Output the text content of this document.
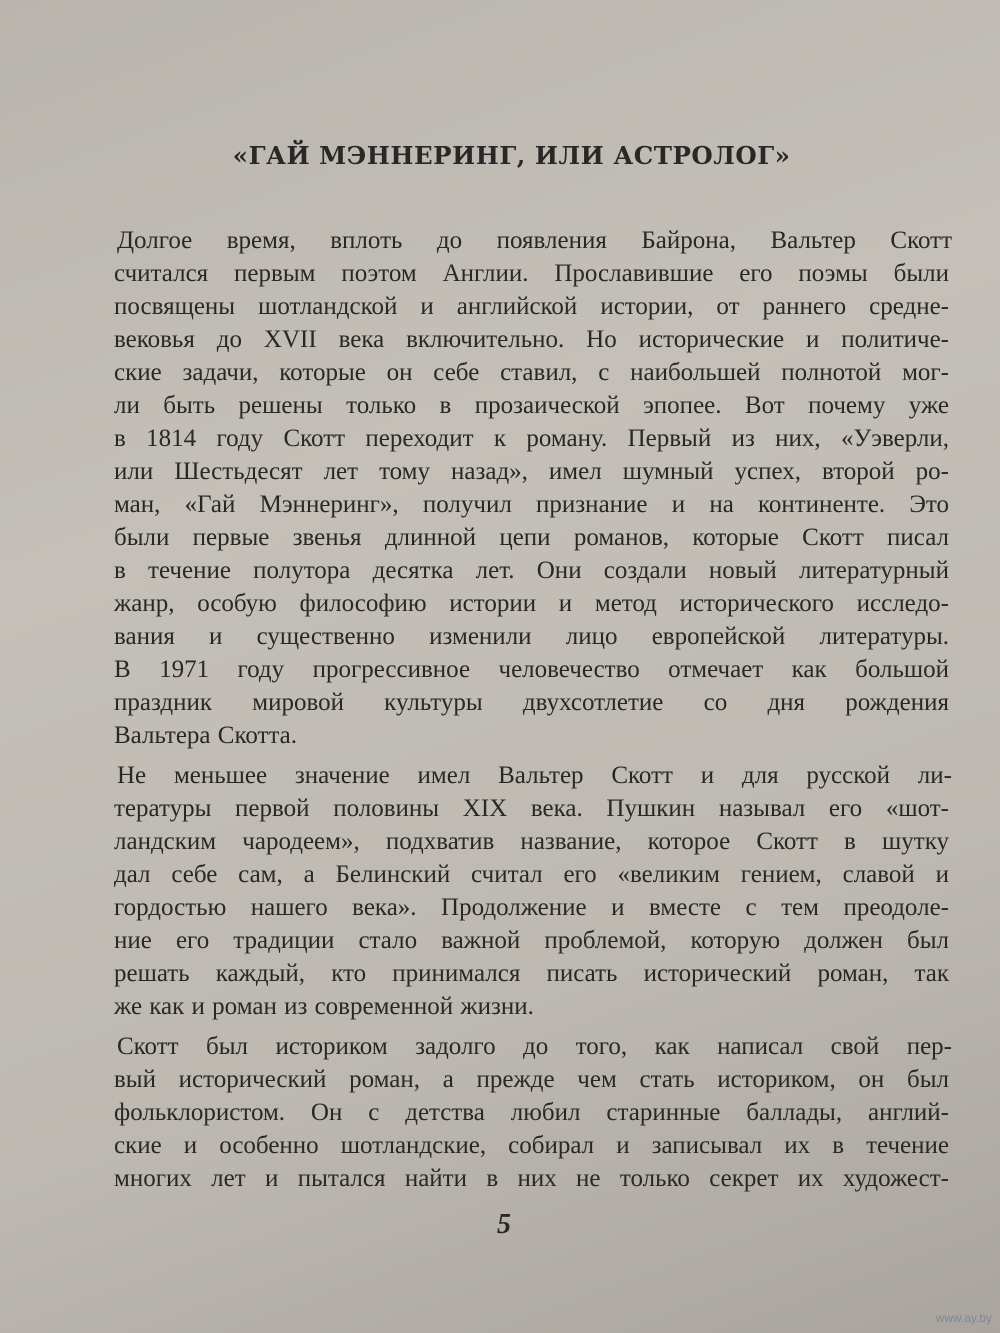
«ГАЙ МЭННЕРИНГ, ИЛИ АСТРОЛОГ»
Долгое время, вплоть до появления Байрона, Вальтер Скотт
считался первым поэтом Англии. Прославившие его поэмы были
посвящены шотландской и английской истории, от раннего средне-
вековья до XVII века включительно. Но исторические и политиче-
ские задачи, которые он себе ставил, с наибольшей полнотой мог-
ли быть решены только в прозаической эпопее. Вот почему уже
в 1814 году Скотт переходит к роману. Первый из них, «Уэверли,
или Шестьдесят лет тому назад», имел шумный успех, второй ро-
ман, «Гай Мэннеринг», получил признание и на континенте. Это
были первые звенья длинной цепи романов, которые Скотт писал
в течение полутора десятка лет. Они создали новый литературный
жанр, особую философию истории и метод исторического исследо-
вания и существенно изменили лицо европейской литературы.
В 1971 году прогрессивное человечество отмечает как большой
праздник мировой культуры двухсотлетие со дня рождения
Вальтера Скотта.
Не меньшее значение имел Вальтер Скотт и для русской ли-
тературы первой половины XIX века. Пушкин называл его «шот-
ландским чародеем», подхватив название, которое Скотт в шутку
дал себе сам, а Белинский считал его «великим гением, славой и
гордостью нашего века». Продолжение и вместе с тем преодоле-
ние его традиции стало важной проблемой, которую должен был
решать каждый, кто принимался писать исторический роман, так
же как и роман из современной жизни.
Скотт был историком задолго до того, как написал свой пер-
вый исторический роман, а прежде чем стать историком, он был
фольклористом. Он с детства любил старинные баллады, англий-
ские и особенно шотландские, собирал и записывал их в течение
многих лет и пытался найти в них не только секрет их художест-
5
www.ay.by
